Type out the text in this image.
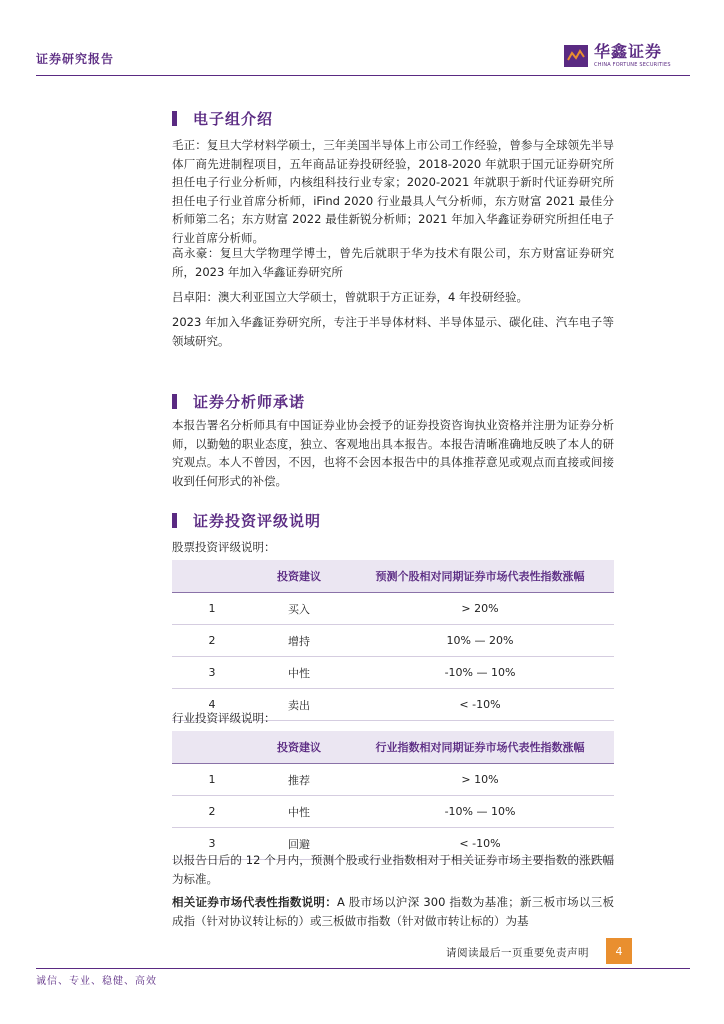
证券研究报告	华鑫证券
CHINA FORTUNE SECURITIES
电子组介绍
毛正：复旦大学材料学硕士，三年美国半导体上市公司工作经验，曾参与全球领先半导体厂商先进制程项目，五年商品证券投研经验，2018-2020 年就职于国元证券研究所担任电子行业分析师，内核组科技行业专家；2020-2021 年就职于新时代证券研究所担任电子行业首席分析师，iFind 2020 行业最具人气分析师，东方财富 2021 最佳分析师第二名；东方财富 2022 最佳新锐分析师；2021 年加入华鑫证券研究所担任电子行业首席分析师。
高永豪：复旦大学物理学博士，曾先后就职于华为技术有限公司，东方财富证券研究所，2023 年加入华鑫证券研究所
吕卓阳：澳大利亚国立大学硕士，曾就职于方正证券，4 年投研经验。
2023 年加入华鑫证券研究所，专注于半导体材料、半导体显示、碳化硅、汽车电子等领域研究。
证券分析师承诺
本报告署名分析师具有中国证券业协会授予的证券投资咨询执业资格并注册为证券分析师，以勤勉的职业态度，独立、客观地出具本报告。本报告清晰准确地反映了本人的研究观点。本人不曾因，不因，也将不会因本报告中的具体推荐意见或观点而直接或间接收到任何形式的补偿。
证券投资评级说明
股票投资评级说明：
	投资建议	预测个股相对同期证券市场代表性指数涨幅
1	买入	> 20%
2	增持	10% — 20%
3	中性	-10% — 10%
4	卖出	< -10%
行业投资评级说明：
	投资建议	行业指数相对同期证券市场代表性指数涨幅
1	推荐	> 10%
2	中性	-10% — 10%
3	回避	< -10%
以报告日后的 12 个月内，预测个股或行业指数相对于相关证券市场主要指数的涨跌幅为标准。
相关证券市场代表性指数说明：A 股市场以沪深 300 指数为基准；新三板市场以三板成指（针对协议转让标的）或三板做市指数（针对做市转让标的）为基
请阅读最后一页重要免责声明	4
诚信、专业、稳健、高效
